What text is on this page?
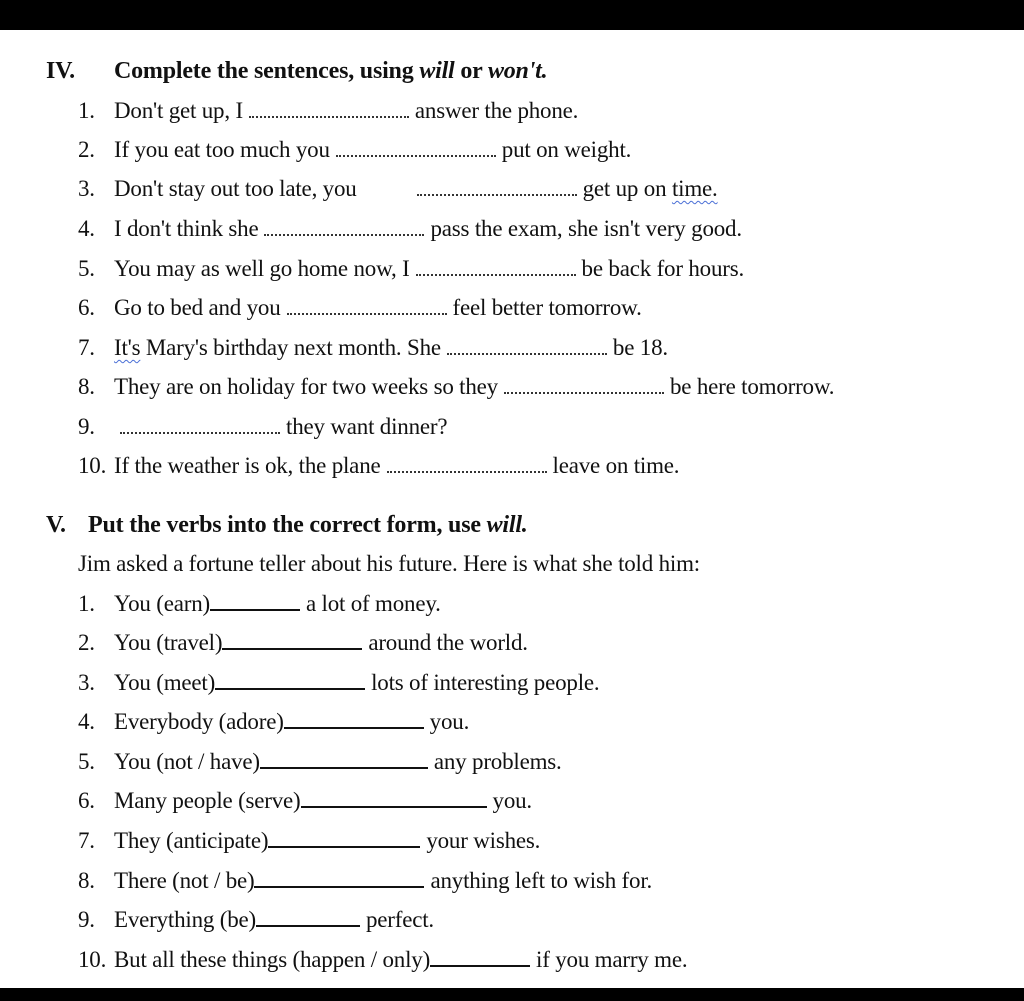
IV. Complete the sentences, using will or won't.
1. Don't get up, I	answer the phone.
2. If you eat too much you	put on weight.
3. Don't stay out too late, you	get up on time.
4. I don't think she	pass the exam, she isn't very good.
5. You may as well go home now, I	be back for hours.
6. Go to bed and you	feel better tomorrow.
7. It's Mary's birthday next month. She	be 18.
8. They are on holiday for two weeks so they	be here tomorrow.
9.	they want dinner?
10. If the weather is ok, the plane	leave on time.
V. Put the verbs into the correct form, use will.
Jim asked a fortune teller about his future. Here is what she told him:
1. You (earn)	a lot of money.
2. You (travel)	around the world.
3. You (meet)	lots of interesting people.
4. Everybody (adore)	you.
5. You (not / have)	any problems.
6. Many people (serve)	you.
7. They (anticipate)	your wishes.
8. There (not / be)	anything left to wish for.
9. Everything (be)	perfect.
10. But all these things (happen / only)	if you marry me.
